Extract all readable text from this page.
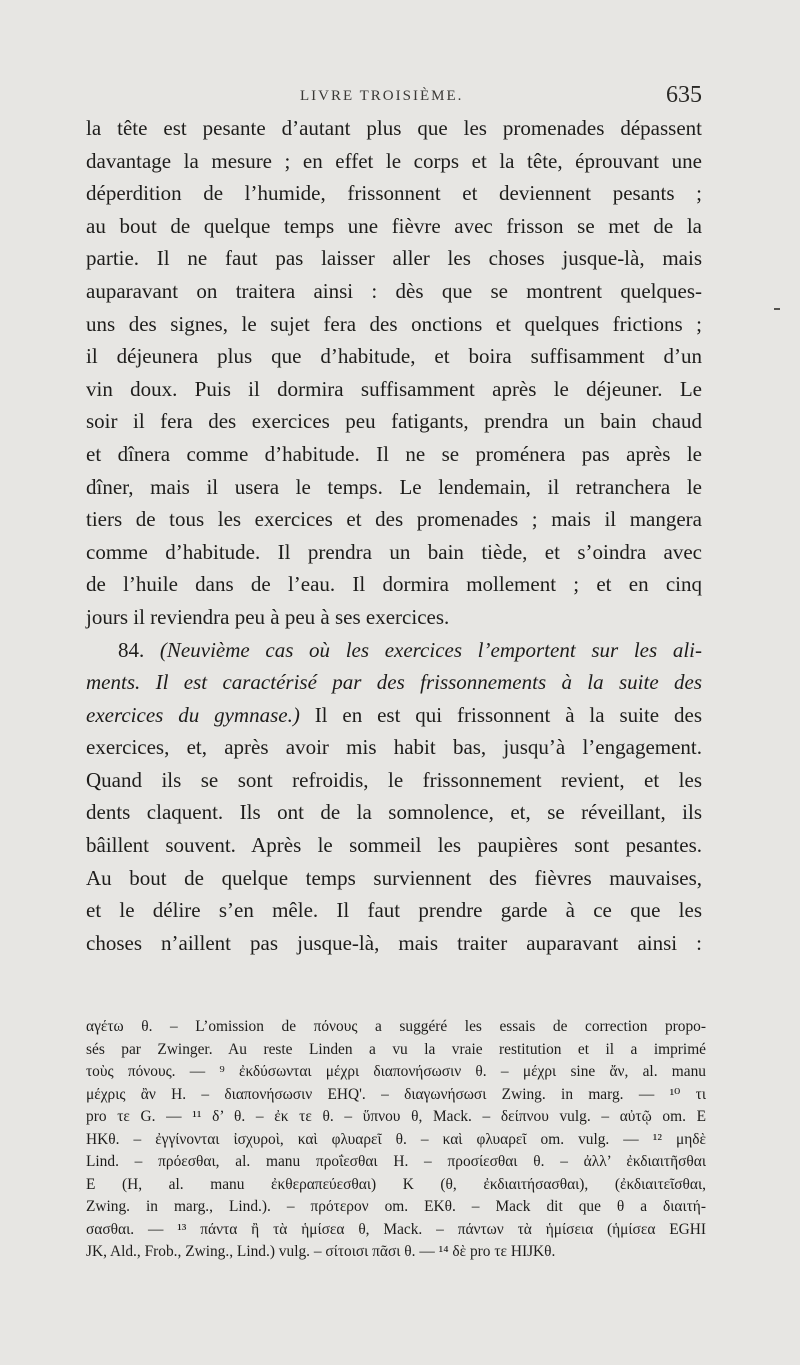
LIVRE TROISIÈME.	635
la tête est pesante d’autant plus que les promenades dépassent
davantage la mesure ; en effet le corps et la tête, éprouvant une
déperdition de l’humide, frissonnent et deviennent pesants ;
au bout de quelque temps une fièvre avec frisson se met de la
partie. Il ne faut pas laisser aller les choses jusque-là, mais
auparavant on traitera ainsi : dès que se montrent quelques-
uns des signes, le sujet fera des onctions et quelques frictions ;
il déjeunera plus que d’habitude, et boira suffisamment d’un
vin doux. Puis il dormira suffisamment après le déjeuner. Le
soir il fera des exercices peu fatigants, prendra un bain chaud
et dînera comme d’habitude. Il ne se proménera pas après le
dîner, mais il usera le temps. Le lendemain, il retranchera le
tiers de tous les exercices et des promenades ; mais il mangera
comme d’habitude. Il prendra un bain tiède, et s’oindra avec
de l’huile dans de l’eau. Il dormira mollement ; et en cinq
jours il reviendra peu à peu à ses exercices.
84. (Neuvième cas où les exercices l’emportent sur les ali-
ments. Il est caractérisé par des frissonnements à la suite des
exercices du gymnase.) Il en est qui frissonnent à la suite des
exercices, et, après avoir mis habit bas, jusqu’à l’engagement.
Quand ils se sont refroidis, le frissonnement revient, et les
dents claquent. Ils ont de la somnolence, et, se réveillant, ils
bâillent souvent. Après le sommeil les paupières sont pesantes.
Au bout de quelque temps surviennent des fièvres mauvaises,
et le délire s’en mêle. Il faut prendre garde à ce que les
choses n’aillent pas jusque-là, mais traiter auparavant ainsi :
αγέτω θ. – L’omission de πόνους a suggéré les essais de correction propo-
sés par Zwinger. Au reste Linden a vu la vraie restitution et il a imprimé
τοὺς πόνους. — ⁹ ἐκδύσωνται μέχρι διαπονήσωσιν θ. – μέχρι sine ἄν, al. manu
μέχρις ἂν H. – διαπονήσωσιν EHQ'. – διαγωνήσωσι Zwing. in marg. — ¹⁰ τι
pro τε G. — ¹¹ δ’ θ. – ἐκ τε θ. – ὕπνου θ, Mack. – δείπνου vulg. – αὐτῷ om. E
HKθ. – ἐγγίνονται ἰσχυροὶ, καὶ φλυαρεῖ θ. – καὶ φλυαρεῖ om. vulg. — ¹² μηδὲ
Lind. – πρόεσθαι, al. manu προΐεσθαι H. – προσίεσθαι θ. – ἀλλ’ ἐκδιαιτῆσθαι
E (H, al. manu ἐκθεραπεύεσθαι) K (θ, ἐκδιαιτήσασθαι), (ἐκδιαιτεῖσθαι,
Zwing. in marg., Lind.). – πρότερον om. EKθ. – Mack dit que θ a διαιτή-
σασθαι. — ¹³ πάντα ἢ τὰ ἡμίσεα θ, Mack. – πάντων τὰ ἡμίσεια (ἡμίσεα EGHI
JK, Ald., Frob., Zwing., Lind.) vulg. – σίτοισι πᾶσι θ. — ¹⁴ δὲ pro τε HIJKθ.
